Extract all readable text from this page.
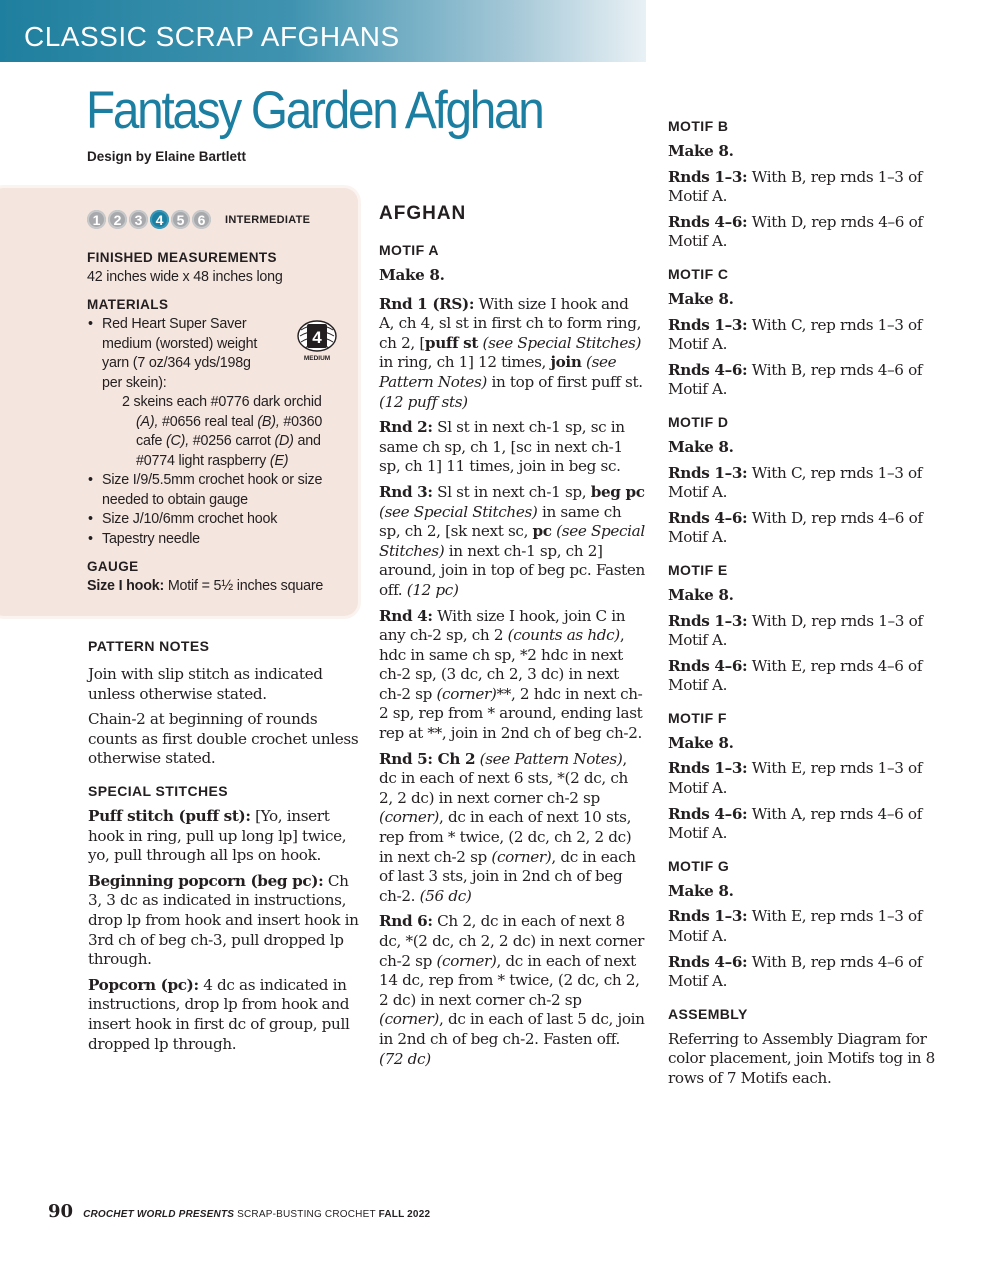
CLASSIC SCRAP AFGHANS
Fantasy Garden Afghan
Design by Elaine Bartlett
1 2 3 4 5 6	INTERMEDIATE
FINISHED MEASUREMENTS
42 inches wide x 48 inches long
MATERIALS
4
MEDIUM
• Red Heart Super Saver
medium (worsted) weight
yarn (7 oz/364 yds/198g
per skein):
2 skeins each #0776 dark orchid
(A), #0656 real teal (B), #0360
cafe (C), #0256 carrot (D) and
#0774 light raspberry (E)
• Size I/9/5.5mm crochet hook or size
needed to obtain gauge
• Size J/10/6mm crochet hook
• Tapestry needle
GAUGE
Size I hook: Motif = 5½ inches square
PATTERN NOTES

Join with slip stitch as indicated unless otherwise stated.

Chain-2 at beginning of rounds counts as first double crochet unless otherwise stated.

SPECIAL STITCHES

Puff stitch (puff st): [Yo, insert hook in ring, pull up long lp] twice, yo, pull through all lps on hook.

Beginning popcorn (beg pc): Ch 3, 3 dc as indicated in instructions, drop lp from hook and insert hook in 3rd ch of beg ch-3, pull dropped lp through.

Popcorn (pc): 4 dc as indicated in instructions, drop lp from hook and insert hook in first dc of group, pull dropped lp through.

AFGHAN
MOTIF A

Make 8.

Rnd 1 (RS): With size I hook and A, ch 4, sl st in first ch to form ring, ch 2, [puff st (see Special Stitches) in ring, ch 1] 12 times, join (see Pattern Notes) in top of first puff st. (12 puff sts)

Rnd 2: Sl st in next ch-1 sp, sc in same ch sp, ch 1, [sc in next ch-1 sp, ch 1] 11 times, join in beg sc.

Rnd 3: Sl st in next ch-1 sp, beg pc (see Special Stitches) in same ch sp, ch 2, [sk next sc, pc (see Special Stitches) in next ch-1 sp, ch 2] around, join in top of beg pc. Fasten off. (12 pc)

Rnd 4: With size I hook, join C in any ch-2 sp, ch 2 (counts as hdc), hdc in same ch sp, *2 hdc in next ch-2 sp, (3 dc, ch 2, 3 dc) in next ch-2 sp (corner)**, 2 hdc in next ch-2 sp, rep from * around, ending last rep at **, join in 2nd ch of beg ch-2.

Rnd 5: Ch 2 (see Pattern Notes), dc in each of next 6 sts, *(2 dc, ch 2, 2 dc) in next corner ch-2 sp (corner), dc in each of next 10 sts, rep from * twice, (2 dc, ch 2, 2 dc) in next ch-2 sp (corner), dc in each of last 3 sts, join in 2nd ch of beg ch-2. (56 dc)

Rnd 6: Ch 2, dc in each of next 8 dc, *(2 dc, ch 2, 2 dc) in next corner ch-2 sp (corner), dc in each of next 14 dc, rep from * twice, (2 dc, ch 2, 2 dc) in next corner ch-2 sp (corner), dc in each of last 5 dc, join in 2nd ch of beg ch-2. Fasten off. (72 dc)

MOTIF B

Make 8.

Rnds 1–3: With B, rep rnds 1–3 of Motif A.

Rnds 4–6: With D, rep rnds 4–6 of Motif A.

MOTIF C

Make 8.

Rnds 1–3: With C, rep rnds 1–3 of Motif A.

Rnds 4–6: With B, rep rnds 4–6 of Motif A.

MOTIF D

Make 8.

Rnds 1–3: With C, rep rnds 1–3 of Motif A.

Rnds 4–6: With D, rep rnds 4–6 of Motif A.

MOTIF E

Make 8.

Rnds 1–3: With D, rep rnds 1–3 of Motif A.

Rnds 4–6: With E, rep rnds 4–6 of Motif A.

MOTIF F

Make 8.

Rnds 1–3: With E, rep rnds 1–3 of Motif A.

Rnds 4–6: With A, rep rnds 4–6 of Motif A.

MOTIF G

Make 8.

Rnds 1–3: With E, rep rnds 1–3 of Motif A.

Rnds 4–6: With B, rep rnds 4–6 of Motif A.

ASSEMBLY

Referring to Assembly Diagram for color placement, join Motifs tog in 8 rows of 7 Motifs each.

90 CROCHET WORLD PRESENTS SCRAP-BUSTING CROCHET FALL 2022
